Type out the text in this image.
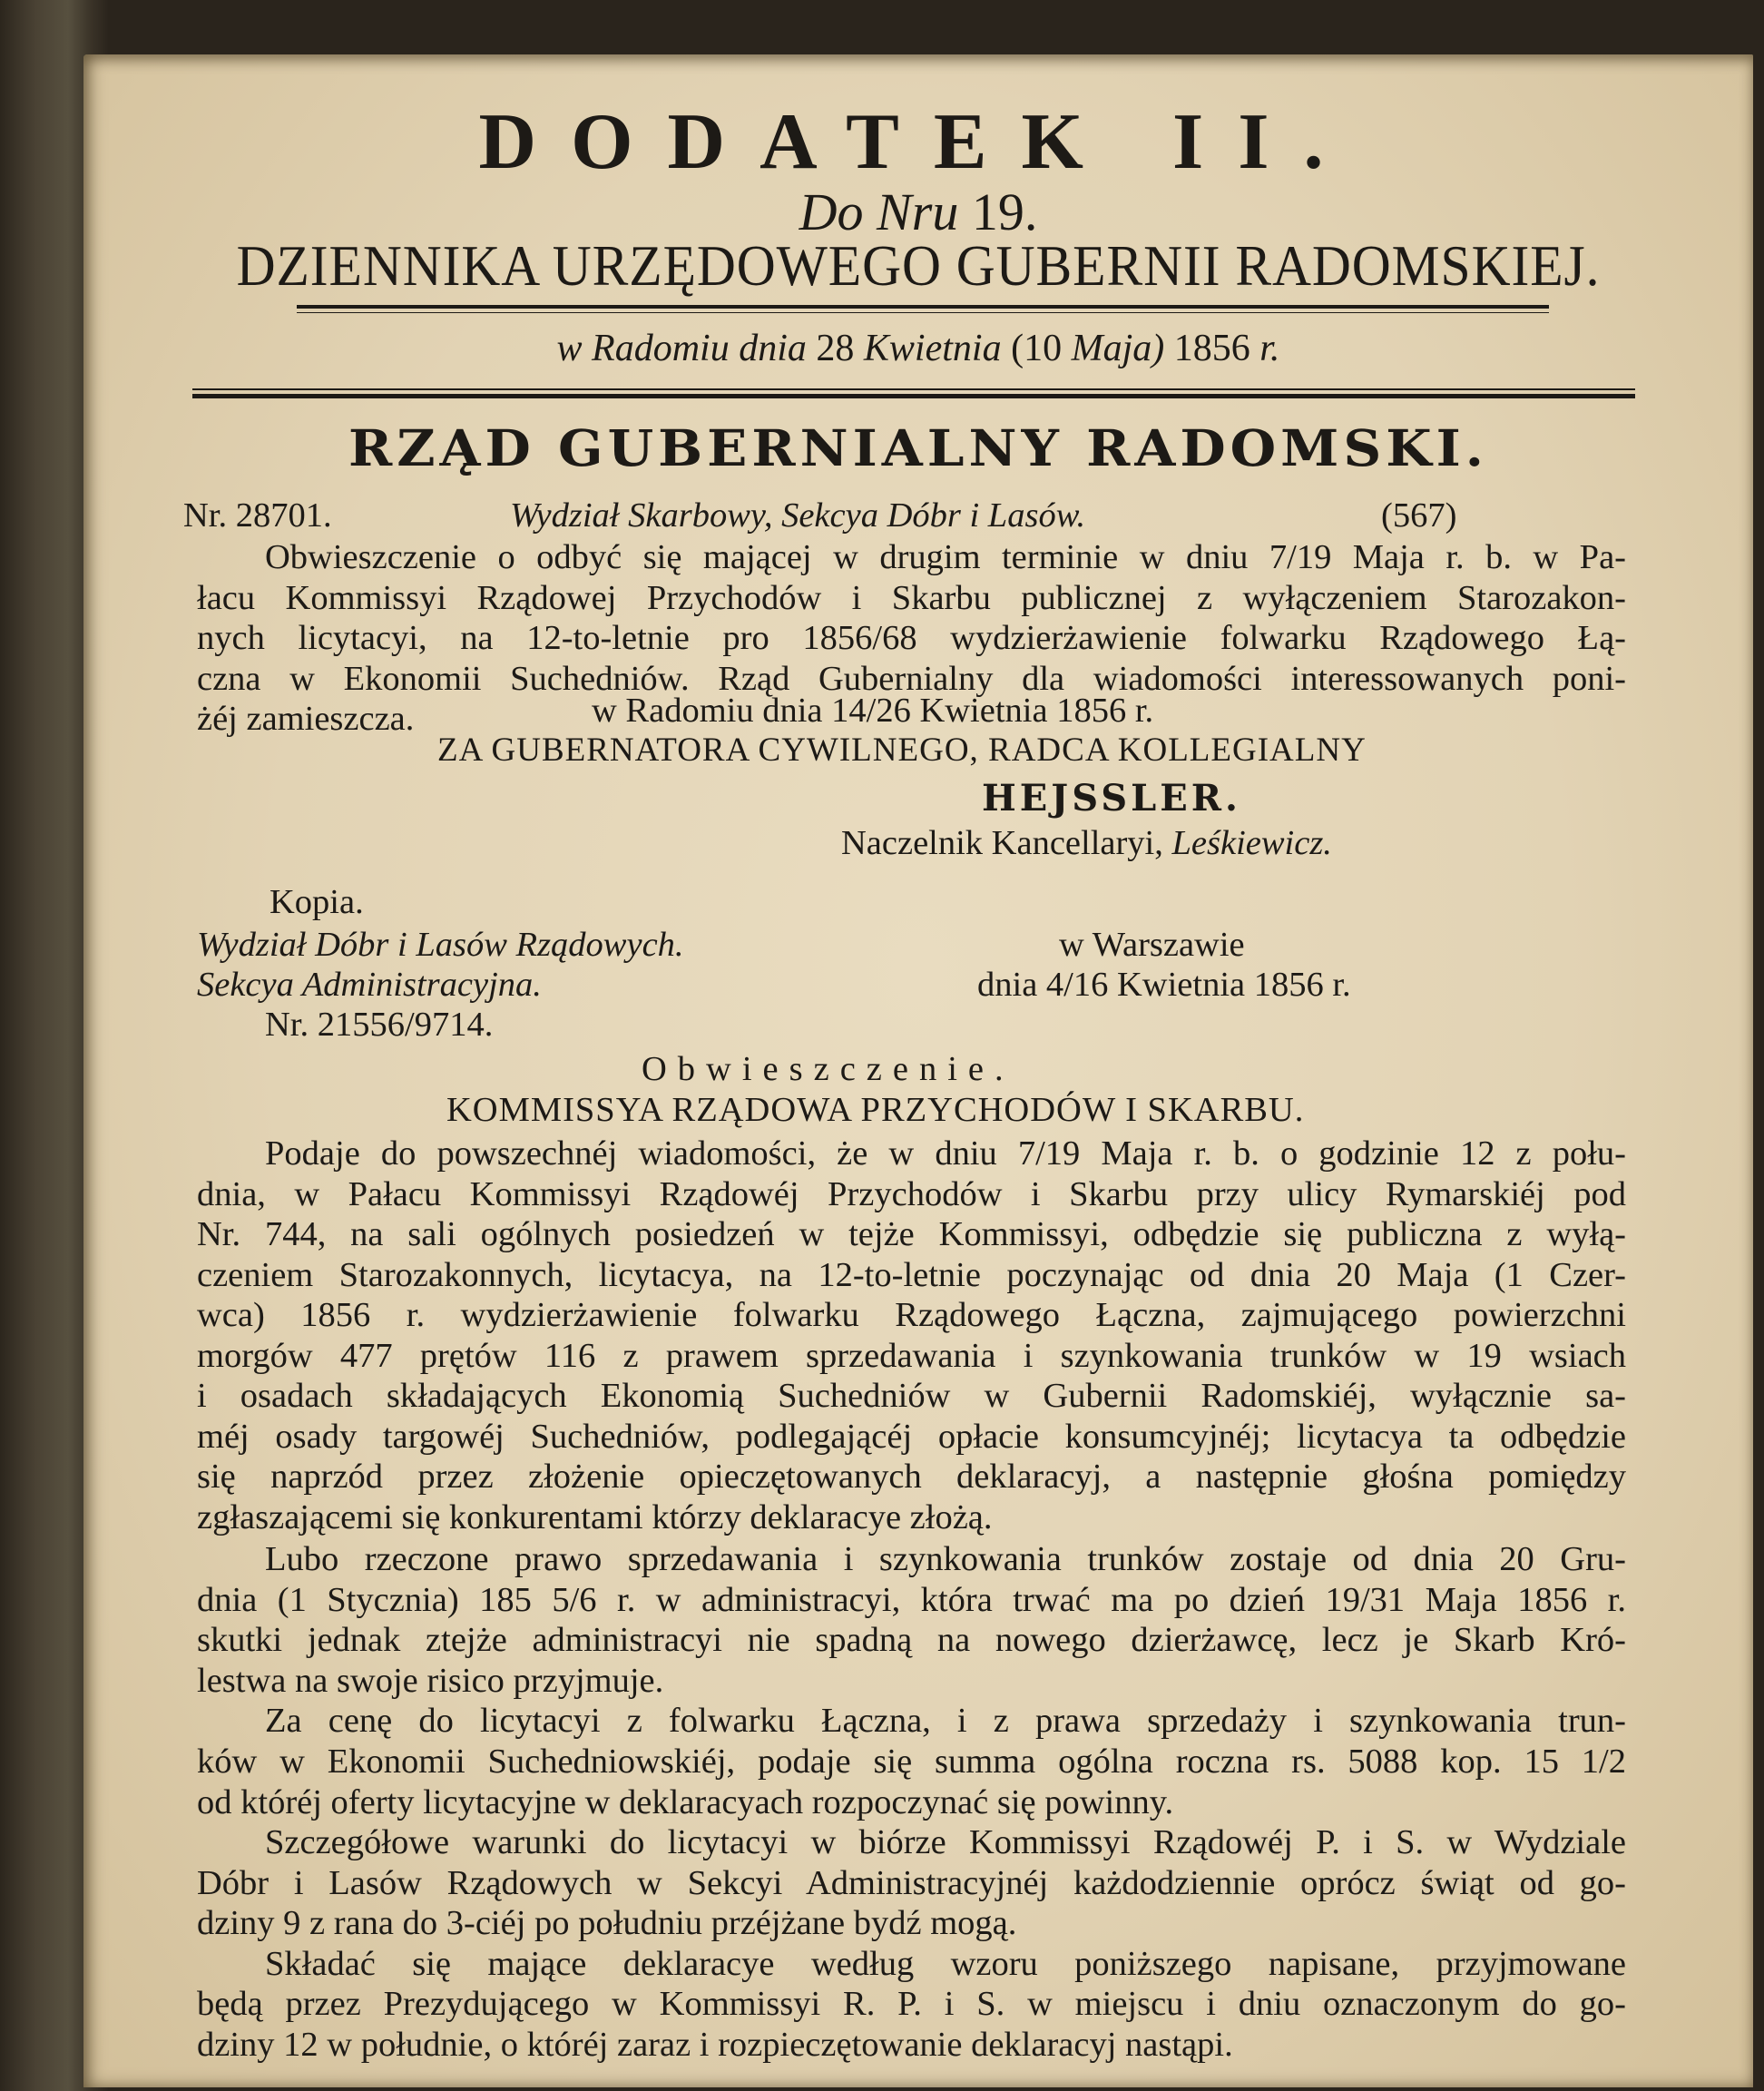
DODATEK II.
Do Nru 19.
DZIENNIKA URZĘDOWEGO GUBERNII RADOMSKIEJ.
w Radomiu dnia 28 Kwietnia (10 Maja) 1856 r.
RZĄD GUBERNIALNY RADOMSKI.
Nr. 28701.	Wydział Skarbowy, Sekcya Dóbr i Lasów.	(567)
Obwieszczenie o odbyć się mającej w drugim terminie w dniu 7/19 Maja r. b. w Pa-
łacu Kommissyi Rządowej Przychodów i Skarbu publicznej z wyłączeniem Starozakon-
nych licytacyi, na 12-to-letnie pro 1856/68 wydzierżawienie folwarku Rządowego Łą-
czna w Ekonomii Suchedniów. Rząd Gubernialny dla wiadomości interessowanych poni-
żéj zamieszcza.	w Radomiu dnia 14/26 Kwietnia 1856 r.
ZA GUBERNATORA CYWILNEGO, RADCA KOLLEGIALNY
HEJSSLER.
Naczelnik Kancellaryi, Leśkiewicz.
Kopia.
Wydział Dóbr i Lasów Rządowych.
Sekcya Administracyjna.
w Warszawie
dnia 4/16 Kwietnia 1856 r.
Nr. 21556/9714.
Obwieszczenie.
KOMMISSYA RZĄDOWA PRZYCHODÓW I SKARBU.
Podaje do powszechnéj wiadomości, że w dniu 7/19 Maja r. b. o godzinie 12 z połu-
dnia, w Pałacu Kommissyi Rządowéj Przychodów i Skarbu przy ulicy Rymarskiéj pod
Nr. 744, na sali ogólnych posiedzeń w tejże Kommissyi, odbędzie się publiczna z wyłą-
czeniem Starozakonnych, licytacya, na 12-to-letnie poczynając od dnia 20 Maja (1 Czer-
wca) 1856 r. wydzierżawienie folwarku Rządowego Łączna, zajmującego powierzchni
morgów 477 prętów 116 z prawem sprzedawania i szynkowania trunków w 19 wsiach
i osadach składających Ekonomią Suchedniów w Gubernii Radomskiéj, wyłącznie sa-
méj osady targowéj Suchedniów, podlegającéj opłacie konsumcyjnéj; licytacya ta odbędzie
się naprzód przez złożenie opieczętowanych deklaracyj, a następnie głośna pomiędzy
zgłaszającemi się konkurentami którzy deklaracye złożą.
Lubo rzeczone prawo sprzedawania i szynkowania trunków zostaje od dnia 20 Gru-
dnia (1 Stycznia) 185 5/6 r. w administracyi, która trwać ma po dzień 19/31 Maja 1856 r.
skutki jednak ztejże administracyi nie spadną na nowego dzierżawcę, lecz je Skarb Kró-
lestwa na swoje risico przyjmuje.
Za cenę do licytacyi z folwarku Łączna, i z prawa sprzedaży i szynkowania trun-
ków w Ekonomii Suchedniowskiéj, podaje się summa ogólna roczna rs. 5088 kop. 15 1/2
od któréj oferty licytacyjne w deklaracyach rozpoczynać się powinny.
Szczegółowe warunki do licytacyi w biórze Kommissyi Rządowéj P. i S. w Wydziale
Dóbr i Lasów Rządowych w Sekcyi Administracyjnéj każdodziennie oprócz świąt od go-
dziny 9 z rana do 3-ciéj po południu przéjżane bydź mogą.
Składać się mające deklaracye według wzoru poniższego napisane, przyjmowane
będą przez Prezydującego w Kommissyi R. P. i S. w miejscu i dniu oznaczonym do go-
dziny 12 w południe, o któréj zaraz i rozpieczętowanie deklaracyj nastąpi.
